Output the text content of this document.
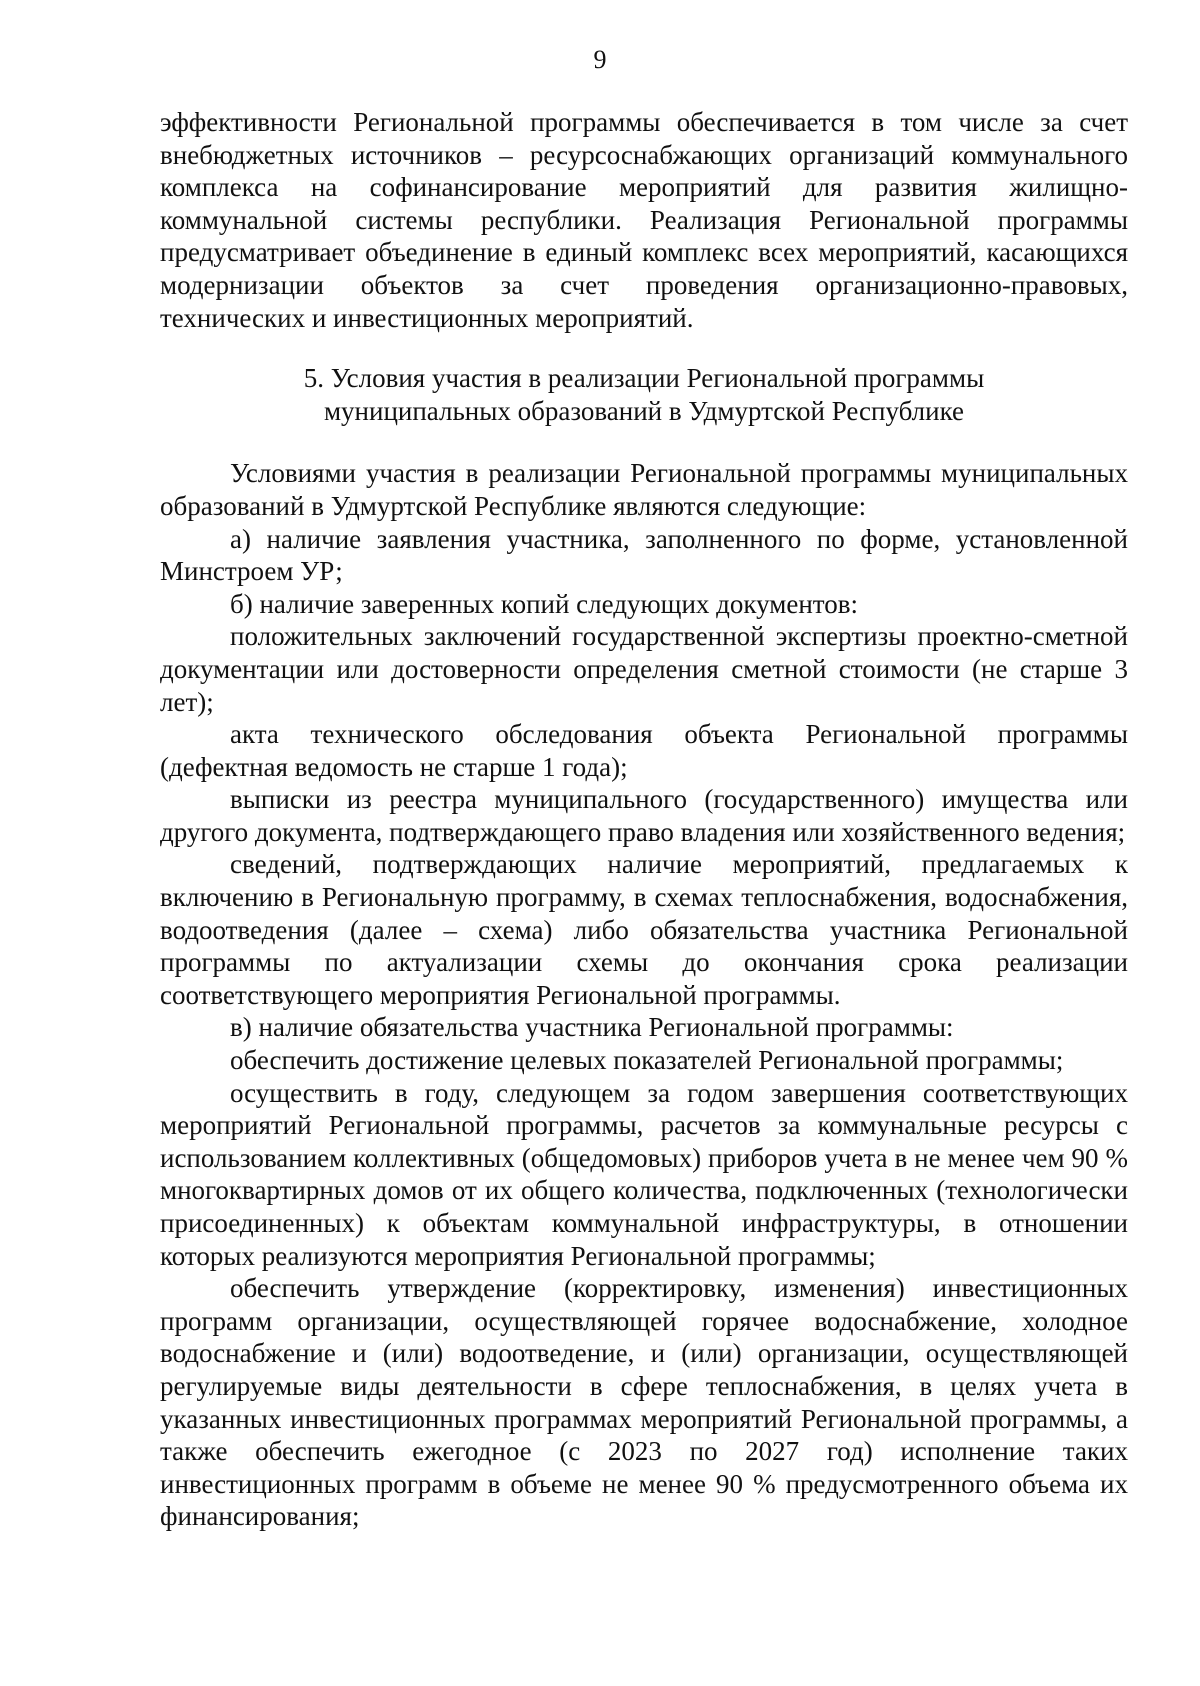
9

эффективности Региональной программы обеспечивается в том числе за счет внебюджетных источников – ресурсоснабжающих организаций коммунального комплекса на софинансирование мероприятий для развития жилищно-коммунальной системы республики. Реализация Региональной программы предусматривает объединение в единый комплекс всех мероприятий, касающихся модернизации объектов за счет проведения организационно-правовых, технических и инвестиционных мероприятий.

5. Условия участия в реализации Региональной программы
муниципальных образований в Удмуртской Республике

Условиями участия в реализации Региональной программы муниципальных образований в Удмуртской Республике являются следующие:

а) наличие заявления участника, заполненного по форме, установленной Минстроем УР;

б) наличие заверенных копий следующих документов:

положительных заключений государственной экспертизы проектно-сметной документации или достоверности определения сметной стоимости (не старше 3 лет);

акта технического обследования объекта Региональной программы (дефектная ведомость не старше 1 года);

выписки из реестра муниципального (государственного) имущества или другого документа, подтверждающего право владения или хозяйственного ведения;

сведений, подтверждающих наличие мероприятий, предлагаемых к включению в Региональную программу, в схемах теплоснабжения, водоснабжения, водоотведения (далее – схема) либо обязательства участника Региональной программы по актуализации схемы до окончания срока реализации соответствующего мероприятия Региональной программы.

в) наличие обязательства участника Региональной программы:

обеспечить достижение целевых показателей Региональной программы;

осуществить в году, следующем за годом завершения соответствующих мероприятий Региональной программы, расчетов за коммунальные ресурсы с использованием коллективных (общедомовых) приборов учета в не менее чем 90 % многоквартирных домов от их общего количества, подключенных (технологически присоединенных) к объектам коммунальной инфраструктуры, в отношении которых реализуются мероприятия Региональной программы;

обеспечить утверждение (корректировку, изменения) инвестиционных программ организации, осуществляющей горячее водоснабжение, холодное водоснабжение и (или) водоотведение, и (или) организации, осуществляющей регулируемые виды деятельности в сфере теплоснабжения, в целях учета в указанных инвестиционных программах мероприятий Региональной программы, а также обеспечить ежегодное (с 2023 по 2027 год) исполнение таких инвестиционных программ в объеме не менее 90 % предусмотренного объема их финансирования;
